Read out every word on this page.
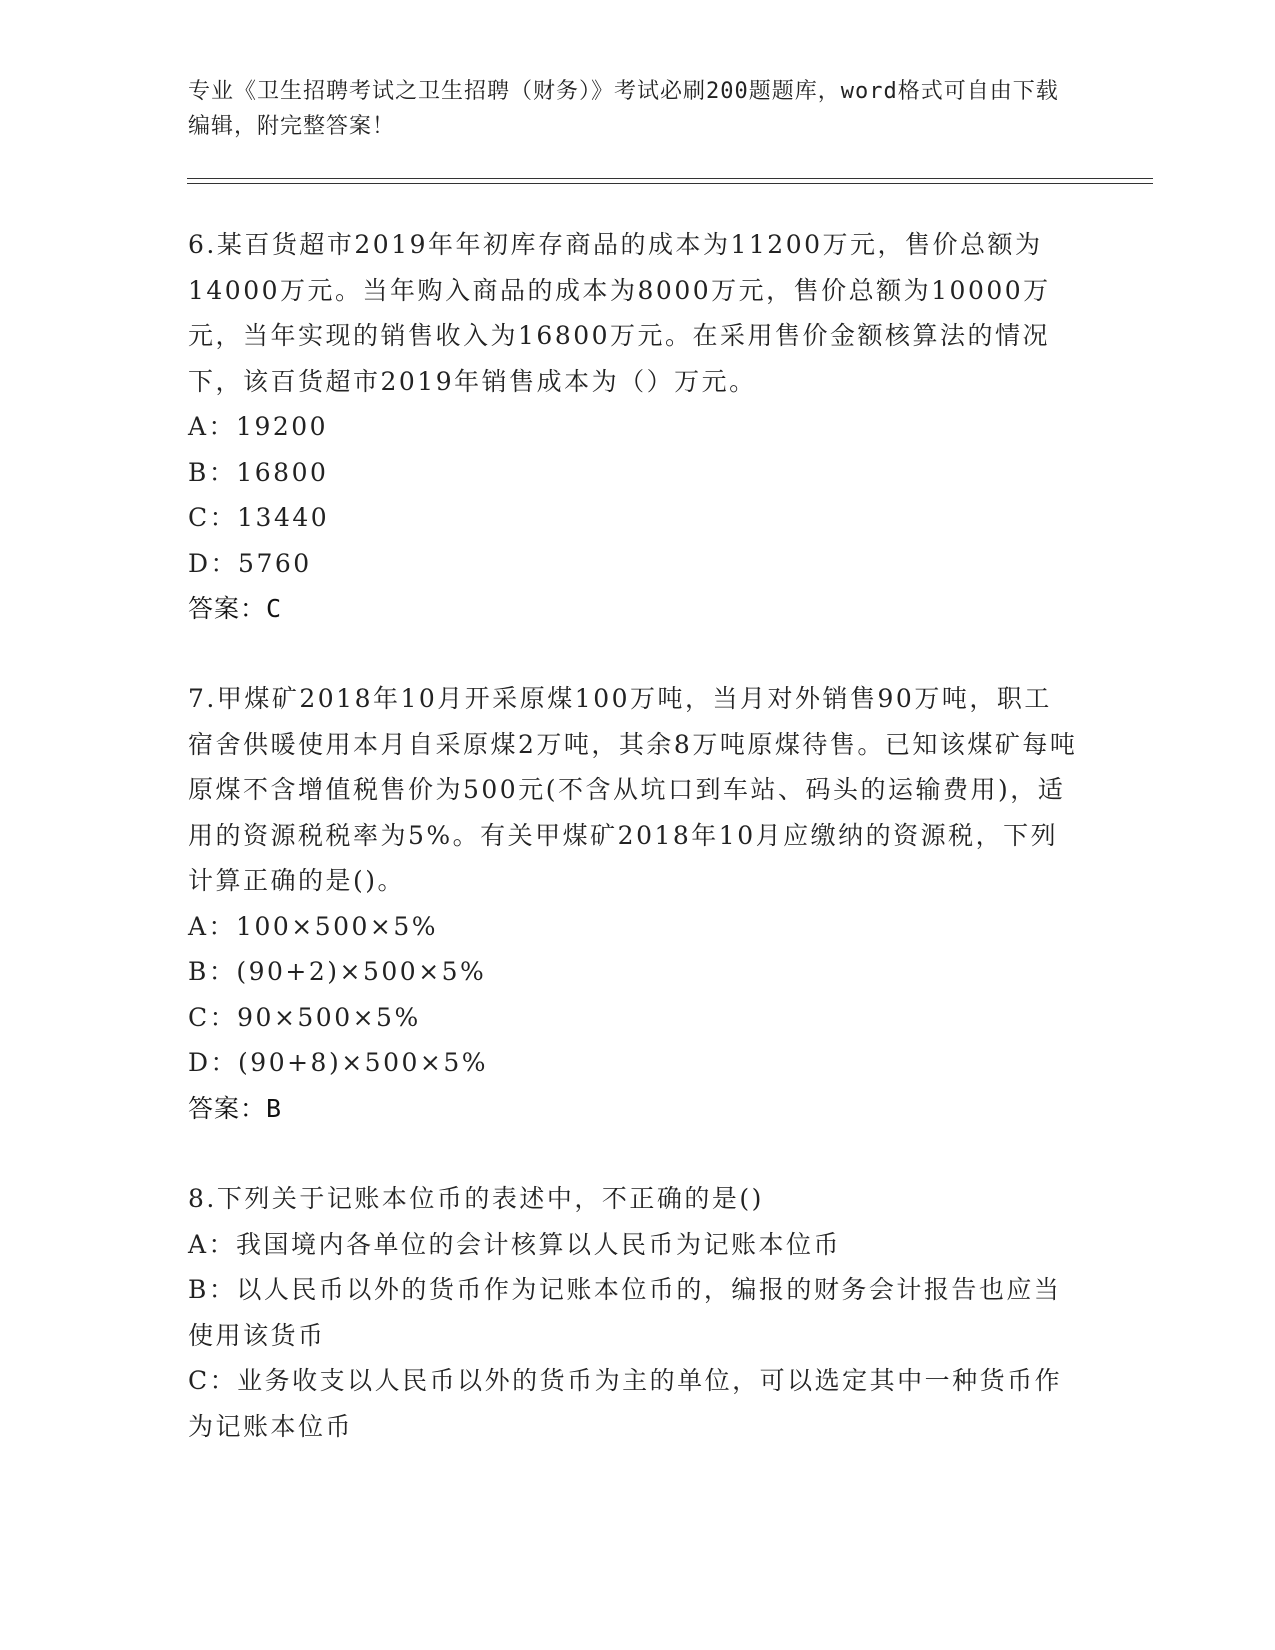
专业《卫生招聘考试之卫生招聘（财务）》考试必刷200题题库，word格式可自由下载编辑，附完整答案！

6.某百货超市2019年年初库存商品的成本为11200万元，售价总额为14000万元。当年购入商品的成本为8000万元，售价总额为10000万元，当年实现的销售收入为16800万元。在采用售价金额核算法的情况下，该百货超市2019年销售成本为（）万元。

A：19200

B：16800

C：13440

D：5760

答案：C

7.甲煤矿2018年10月开采原煤100万吨，当月对外销售90万吨，职工宿舍供暖使用本月自采原煤2万吨，其余8万吨原煤待售。已知该煤矿每吨原煤不含增值税售价为500元(不含从坑口到车站、码头的运输费用)，适用的资源税税率为5%。有关甲煤矿2018年10月应缴纳的资源税，下列计算正确的是()。

A：100×500×5%

B：(90+2)×500×5%

C：90×500×5%

D：(90+8)×500×5%

答案：B

8.下列关于记账本位币的表述中，不正确的是()

A：我国境内各单位的会计核算以人民币为记账本位币

B：以人民币以外的货币作为记账本位币的，编报的财务会计报告也应当使用该货币

C：业务收支以人民币以外的货币为主的单位，可以选定其中一种货币作为记账本位币
